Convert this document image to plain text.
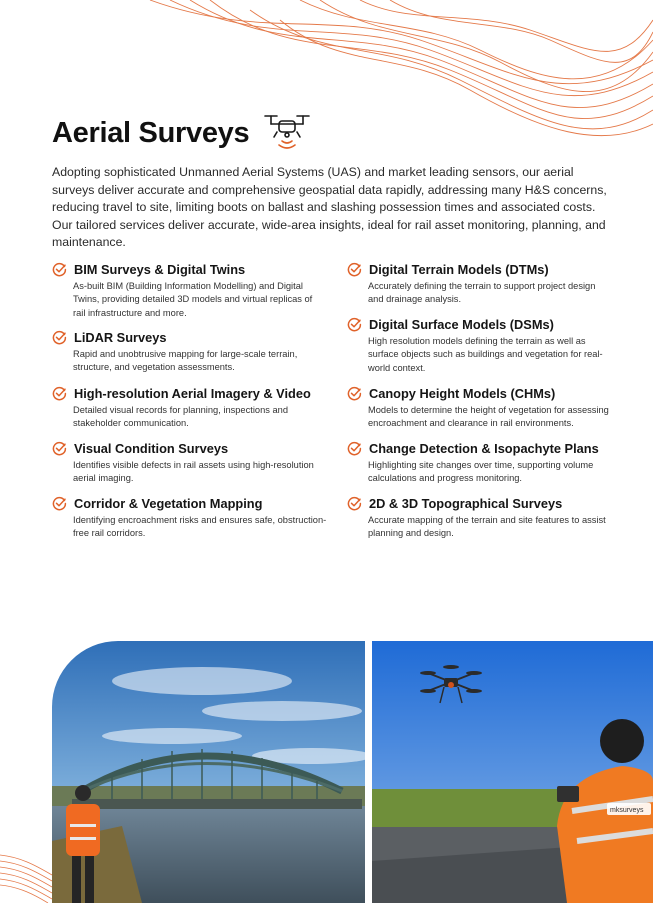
Aerial Surveys

Adopting sophisticated Unmanned Aerial Systems (UAS) and market leading sensors, our aerial surveys deliver accurate and comprehensive geospatial data rapidly, addressing many H&S concerns, reducing travel to site, limiting boots on ballast and slashing possession times and associated costs. Our tailored services deliver accurate, wide-area insights, ideal for rail asset monitoring, planning, and maintenance.

BIM Surveys & Digital Twins
As-built BIM (Building Information Modelling) and Digital Twins, providing detailed 3D models and virtual replicas of rail infrastructure and more.
LiDAR Surveys
Rapid and unobtrusive mapping for large-scale terrain, structure, and vegetation assessments.
High-resolution Aerial Imagery & Video
Detailed visual records for planning, inspections and stakeholder communication.
Visual Condition Surveys
Identifies visible defects in rail assets using high-resolution aerial imaging.
Corridor & Vegetation Mapping
Identifying encroachment risks and ensures safe, obstruction-free rail corridors.
Digital Terrain Models (DTMs)
Accurately defining the terrain to support project design and drainage analysis.
Digital Surface Models (DSMs)
High resolution models defining the terrain as well as surface objects such as buildings and vegetation for real-world context.
Canopy Height Models (CHMs)
Models to determine the height of vegetation for assessing encroachment and clearance in rail environments.
Change Detection & Isopachyte Plans
Highlighting site changes over time, supporting volume calculations and progress monitoring.
2D & 3D Topographical Surveys
Accurate mapping of the terrain and site features to assist planning and design.
mksurveys
